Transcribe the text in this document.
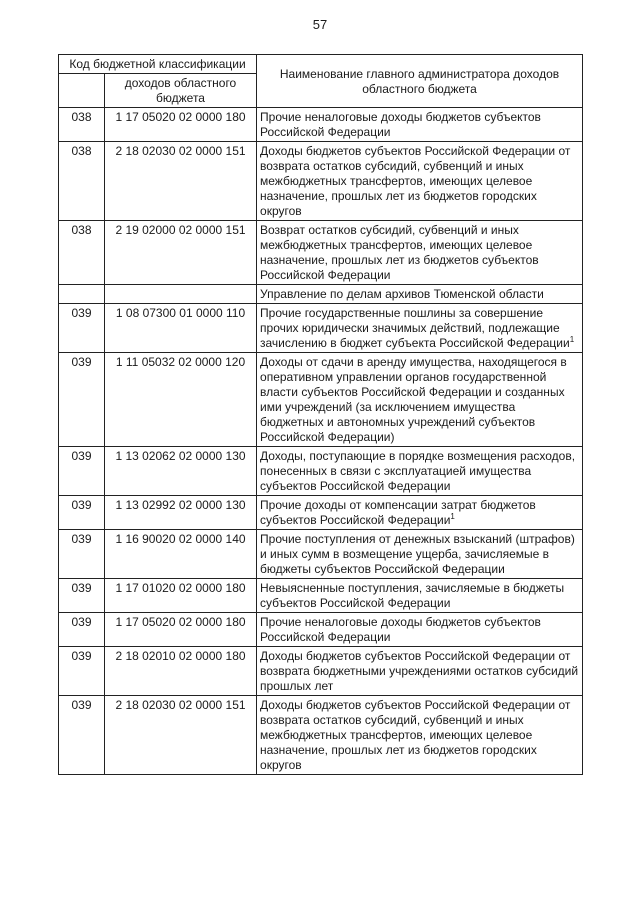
57
Код бюджетной классификации		Наименование главного администратора доходов областного бюджета
	доходов областного бюджета	
038	1 17 05020 02 0000 180	Прочие неналоговые доходы бюджетов субъектов Российской Федерации
038	2 18 02030 02 0000 151	Доходы бюджетов субъектов Российской Федерации от возврата остатков субсидий, субвенций и иных межбюджетных трансфертов, имеющих целевое назначение, прошлых лет из бюджетов городских округов
038	2 19 02000 02 0000 151	Возврат остатков субсидий, субвенций и иных межбюджетных трансфертов, имеющих целевое назначение, прошлых лет из бюджетов субъектов Российской Федерации
		Управление по делам архивов Тюменской области
039	1 08 07300 01 0000 110	Прочие государственные пошлины за совершение прочих юридически значимых действий, подлежащие зачислению в бюджет субъекта Российской Федерации$^1$
039	1 11 05032 02 0000 120	Доходы от сдачи в аренду имущества, находящегося в оперативном управлении органов государственной власти субъектов Российской Федерации и созданных ими учреждений (за исключением имущества бюджетных и автономных учреждений субъектов Российской Федерации)
039	1 13 02062 02 0000 130	Доходы, поступающие в порядке возмещения расходов, понесенных в связи с эксплуатацией имущества субъектов Российской Федерации
039	1 13 02992 02 0000 130	Прочие доходы от компенсации затрат бюджетов субъектов Российской Федерации$^1$
039	1 16 90020 02 0000 140	Прочие поступления от денежных взысканий (штрафов) и иных сумм в возмещение ущерба, зачисляемые в бюджеты субъектов Российской Федерации
039	1 17 01020 02 0000 180	Невыясненные поступления, зачисляемые в бюджеты субъектов Российской Федерации
039	1 17 05020 02 0000 180	Прочие неналоговые доходы бюджетов субъектов Российской Федерации
039	2 18 02010 02 0000 180	Доходы бюджетов субъектов Российской Федерации от возврата бюджетными учреждениями остатков субсидий прошлых лет
039	2 18 02030 02 0000 151	Доходы бюджетов субъектов Российской Федерации от возврата остатков субсидий, субвенций и иных межбюджетных трансфертов, имеющих целевое назначение, прошлых лет из бюджетов городских округов
